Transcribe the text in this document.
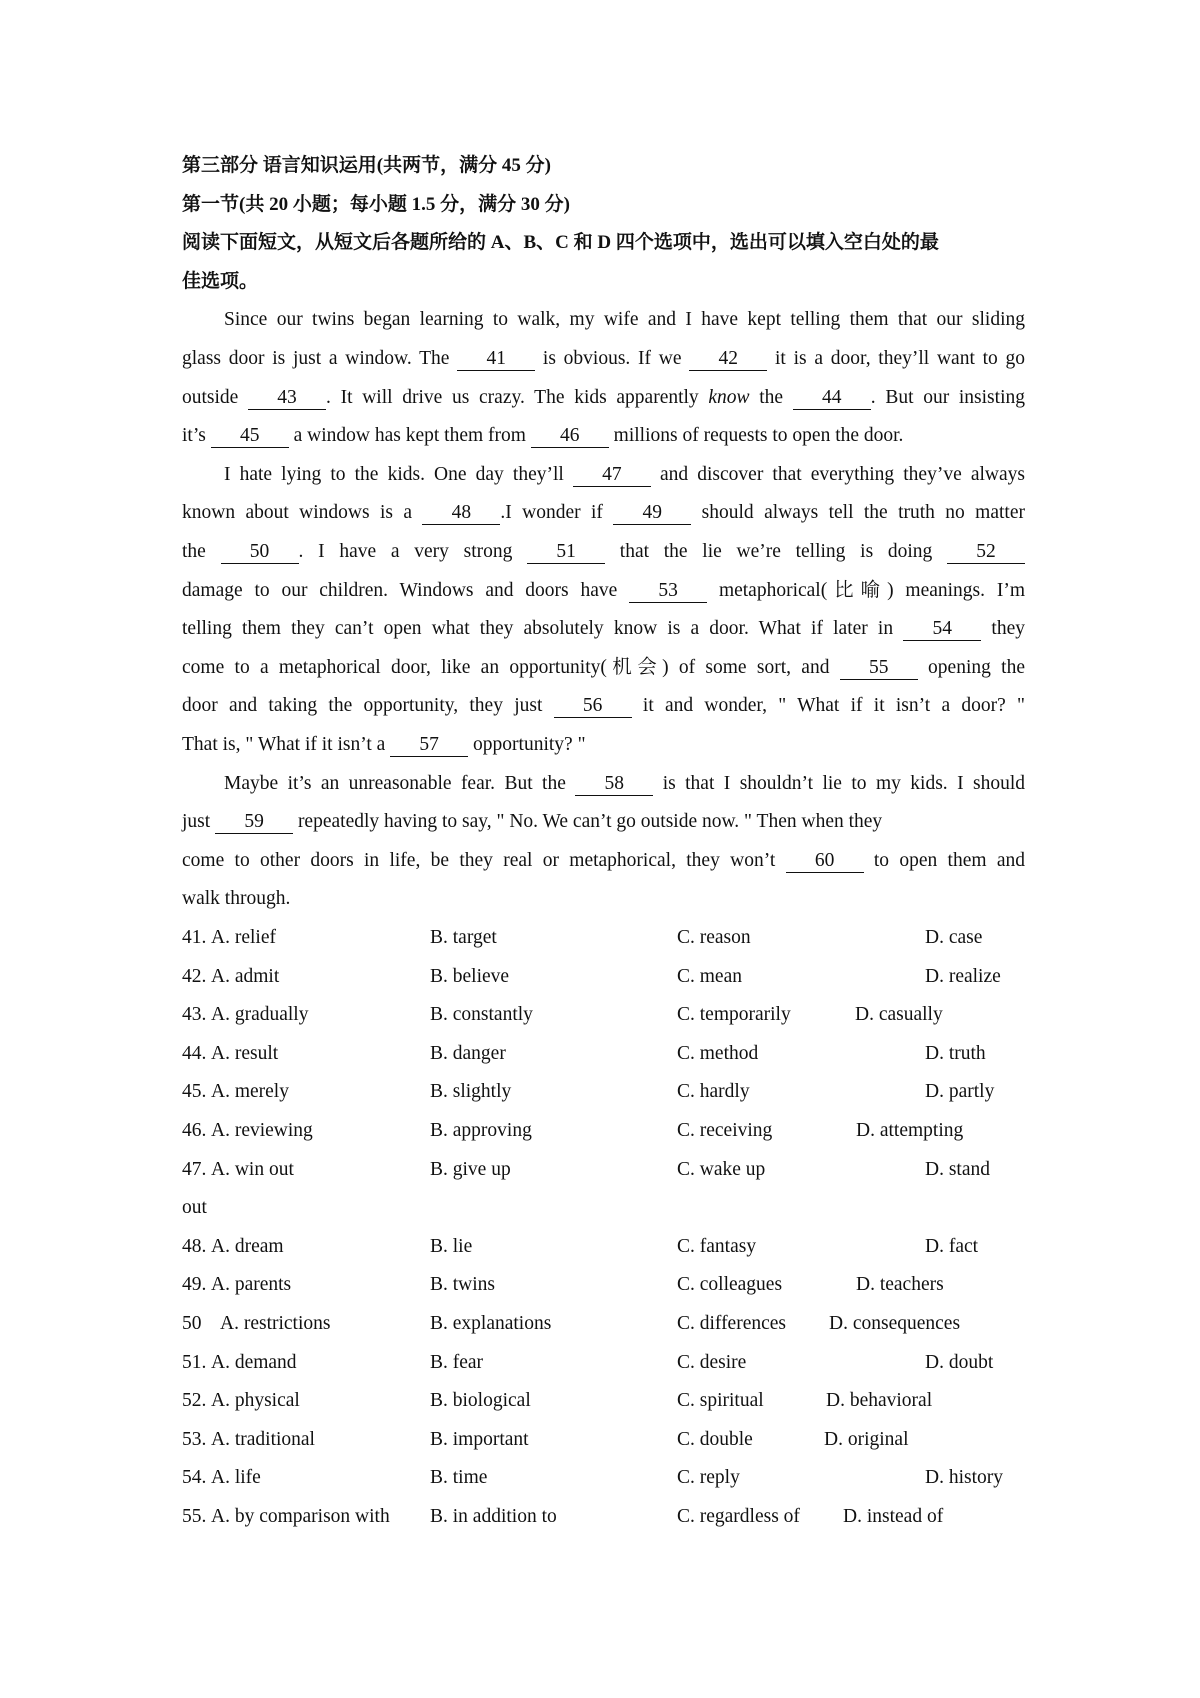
第三部分 语言知识运用(共两节，满分 45 分)
第一节(共 20 小题；每小题 1.5 分，满分 30 分)
阅读下面短文，从短文后各题所给的 A、B、C 和 D 四个选项中，选出可以填入空白处的最
佳选项。
Since our twins began learning to walk, my wife and I have kept telling them that our sliding
glass door is just a window. The 41 is obvious. If we 42 it is a door, they’ll want to go
outside 43 . It will drive us crazy. The kids apparently know the 44 . But our insisting
it’s 45 a window has kept them from 46 millions of requests to open the door.
I hate lying to the kids. One day they’ll 47 and discover that everything they’ve always
known about windows is a 48 .I wonder if 49 should always tell the truth no matter
the 50 . I have a very strong 51 that the lie we’re telling is doing 52
damage to our children. Windows and doors have 53 metaphorical(比喻) meanings. I’m
telling them they can’t open what they absolutely know is a door. What if later in 54 they
come to a metaphorical door, like an opportunity(机会) of some sort, and 55 opening the
door and taking the opportunity, they just 56 it and wonder, " What if it isn’t a door? "
That is, " What if it isn’t a 57 opportunity? "
Maybe it’s an unreasonable fear. But the 58 is that I shouldn’t lie to my kids. I should
just 59 repeatedly having to say, " No. We can’t go outside now. " Then when they
come to other doors in life, be they real or metaphorical, they won’t 60 to open them and
walk through.
41. A. relief	B. target	C. reason	D. case
42. A. admit	B. believe	C. mean	D. realize
43. A. gradually	B. constantly	C. temporarily	D. casually
44. A. result	B. danger	C. method	D. truth
45. A. merely	B. slightly	C. hardly	D. partly
46. A. reviewing	B. approving	C. receiving	D. attempting
47. A. win out	B. give up	C. wake up	D. stand
out
48. A. dream	B. lie	C. fantasy	D. fact
49. A. parents	B. twins	C. colleagues	D. teachers
50 A. restrictions	B. explanations	C. differences D. consequences
51. A. demand	B. fear	C. desire	D. doubt
52. A. physical	B. biological	C. spiritual	D. behavioral
53. A. traditional	B. important	C. double	D. original
54. A. life	B. time	C. reply	D. history
55. A. by comparison with B. in addition to	C. regardless of D. instead of
